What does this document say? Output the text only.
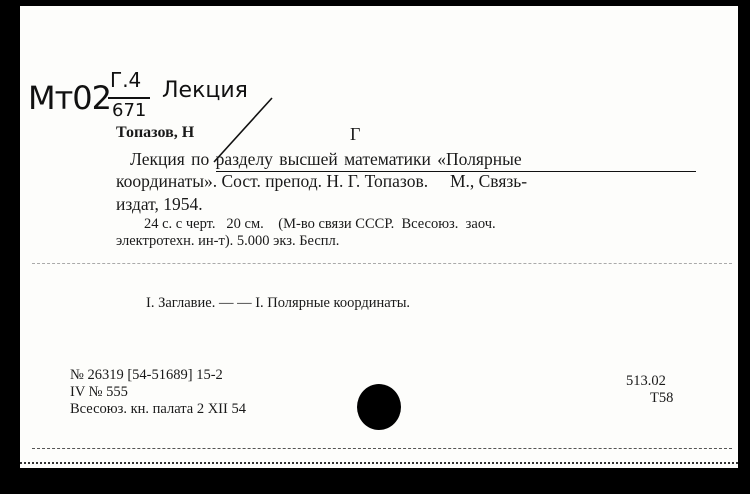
Мт02 Г.4
671
Лекция
Топазов, Н	Г
Лекция по разделу высшей математики «Полярные
координаты». Сост. препод. Н. Г. Топазов.     М., Связь-
издат, 1954.
24 с. с черт.   20 см.    (М-во связи СССР.  Всесоюз.  заоч.
электротехн. ин-т). 5.000 экз. Беспл.
I. Заглавие. — — I. Полярные координаты.
№ 26319 [54-51689] 15-2
IV № 555
Всесоюз. кн. палата 2 XII 54
513.02
Т58
